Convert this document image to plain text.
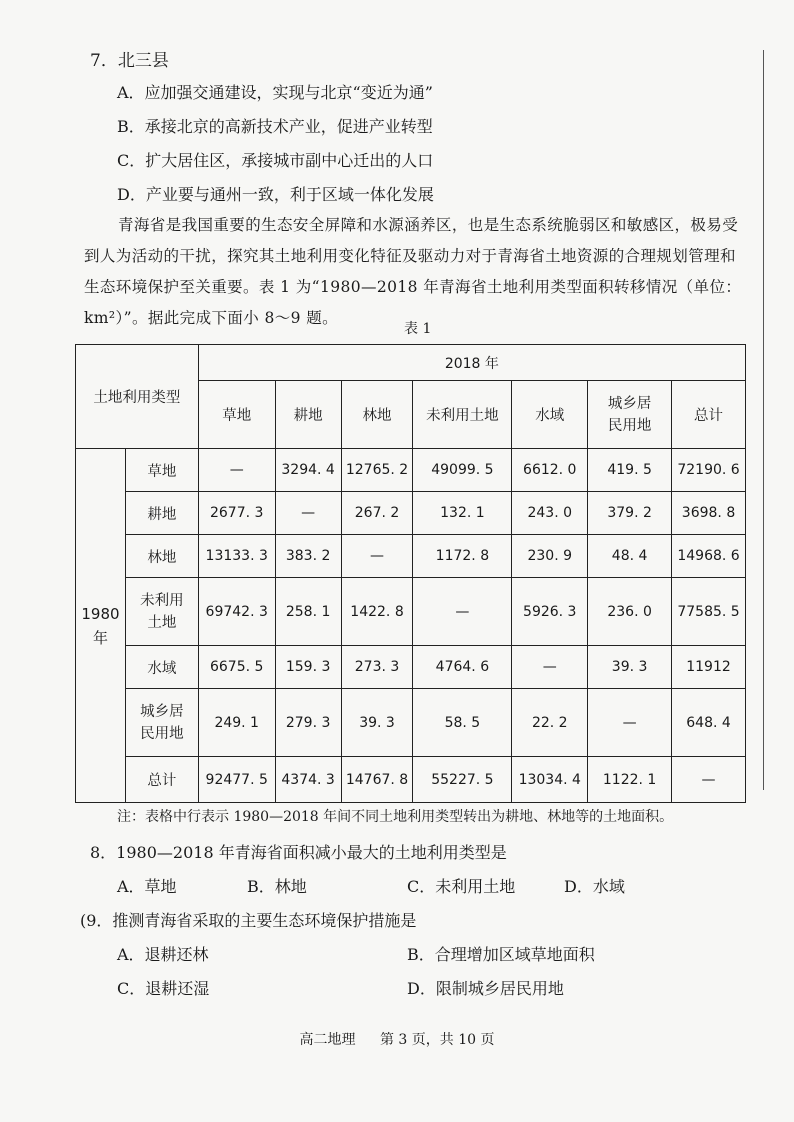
7．北三县
A．应加强交通建设，实现与北京“变近为通”
B．承接北京的高新技术产业，促进产业转型
C．扩大居住区，承接城市副中心迁出的人口
D．产业要与通州一致，利于区域一体化发展
青海省是我国重要的生态安全屏障和水源涵养区，也是生态系统脆弱区和敏感区，极易受
到人为活动的干扰，探究其土地利用变化特征及驱动力对于青海省土地资源的合理规划管理和
生态环境保护至关重要。表 1 为“1980—2018 年青海省土地利用类型面积转移情况（单位：
km²）”。据此完成下面小 8～9 题。
表 1
土地利用类型		2018 年						
		草地	耕地	林地	未利用土地	水域	城乡居
民用地	总计

1980
年	草地	—	3294. 4	12765. 2	49099. 5	6612. 0	419. 5	72190. 6
	耕地	2677. 3	—	267. 2	132. 1	243. 0	379. 2	3698. 8
	林地	13133. 3	383. 2	—	1172. 8	230. 9	48. 4	14968. 6

	未利用
土地	69742. 3	258. 1	1422. 8	—	5926. 3	236. 0	77585. 5
	水域	6675. 5	159. 3	273. 3	4764. 6	—	39. 3	11912

	城乡居
民用地	249. 1	279. 3	39. 3	58. 5	22. 2	—	648. 4
	总计	92477. 5	4374. 3	14767. 8	55227. 5	13034. 4	1122. 1	—
注：表格中行表示 1980—2018 年间不同土地利用类型转出为耕地、林地等的土地面积。
8．1980—2018 年青海省面积减小最大的土地利用类型是
A．草地	B．林地	C．未利用土地	D．水域
(9．推测青海省采取的主要生态环境保护措施是
A．退耕还林	B．合理增加区域草地面积
C．退耕还湿	D．限制城乡居民用地
高二地理 第 3 页，共 10 页
